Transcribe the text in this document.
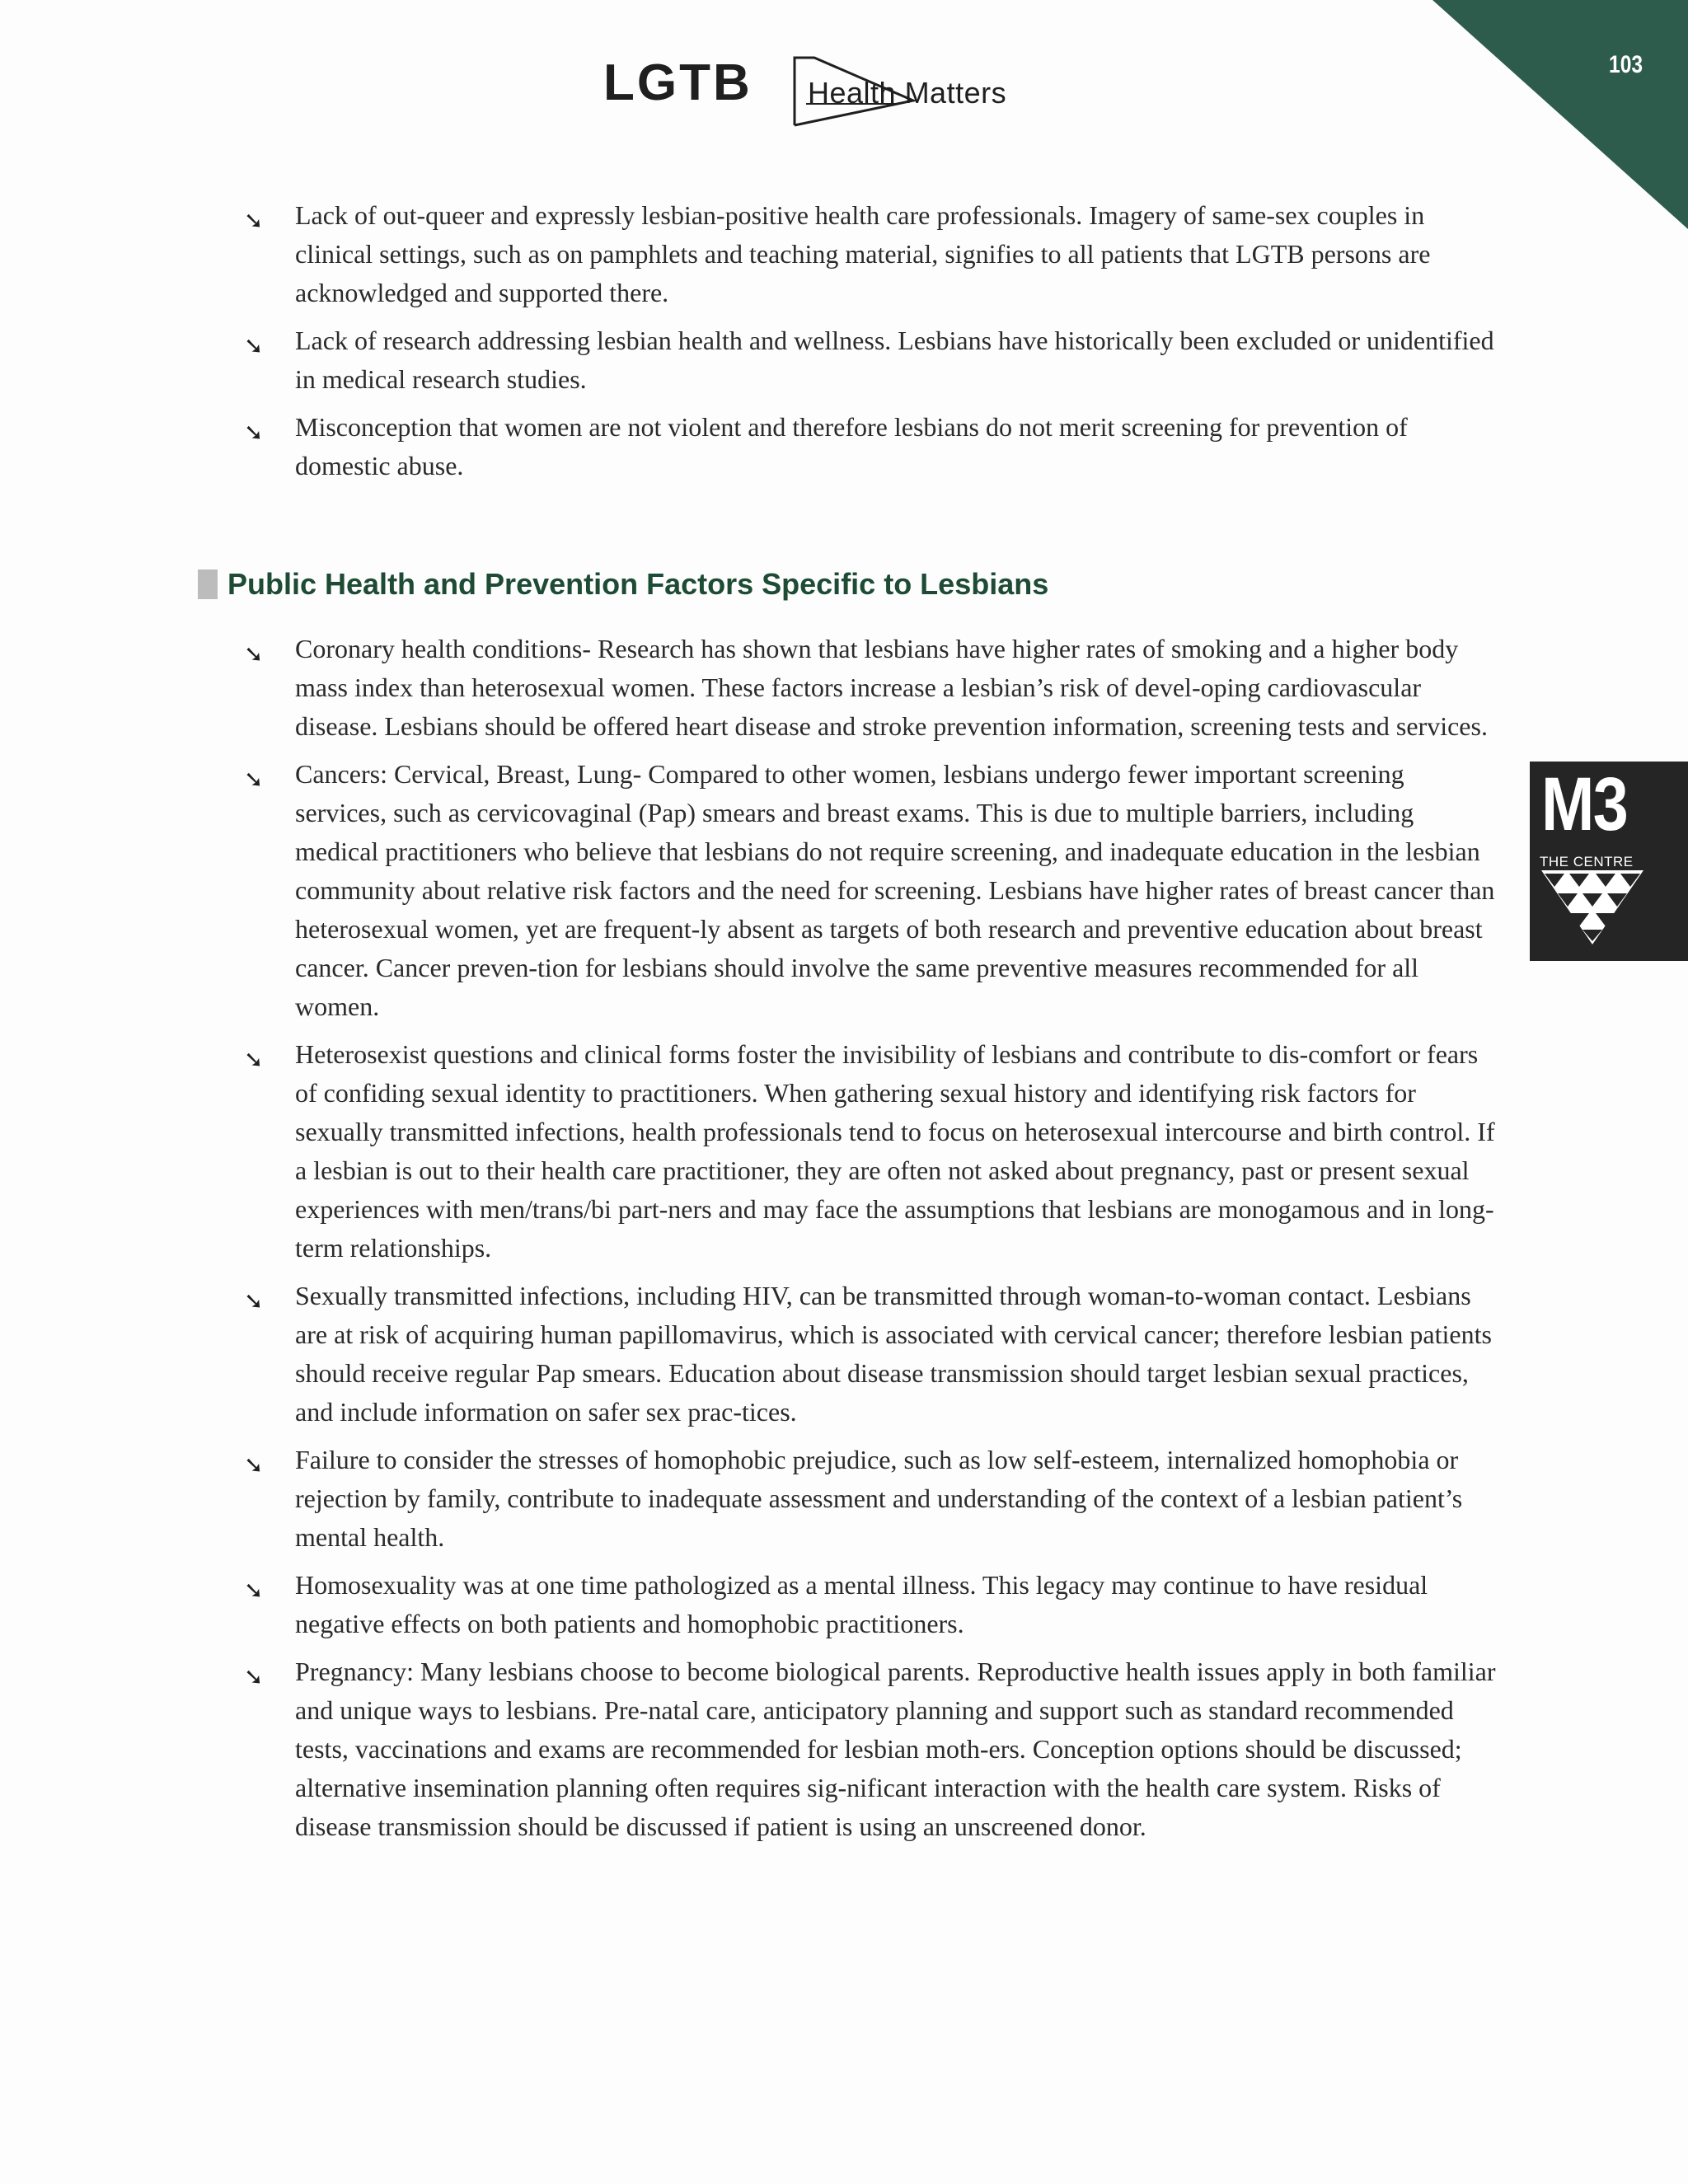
103
LGTB Health Matters
➘ Lack of out-queer and expressly lesbian-positive health care professionals. Imagery of same-sex couples in clinical settings, such as on pamphlets and teaching material, signifies to all patients that LGTB persons are acknowledged and supported there.
➘ Lack of research addressing lesbian health and wellness. Lesbians have historically been excluded or unidentified in medical research studies.
➘ Misconception that women are not violent and therefore lesbians do not merit screening for prevention of domestic abuse.
Public Health and Prevention Factors Specific to Lesbians
➘ Coronary health conditions- Research has shown that lesbians have higher rates of smoking and a higher body mass index than heterosexual women. These factors increase a lesbian’s risk of devel-oping cardiovascular disease. Lesbians should be offered heart disease and stroke prevention information, screening tests and services.
➘ Cancers: Cervical, Breast, Lung- Compared to other women, lesbians undergo fewer important screening services, such as cervicovaginal (Pap) smears and breast exams. This is due to multiple barriers, including medical practitioners who believe that lesbians do not require screening, and inadequate education in the lesbian community about relative risk factors and the need for screening. Lesbians have higher rates of breast cancer than heterosexual women, yet are frequent-ly absent as targets of both research and preventive education about breast cancer. Cancer preven-tion for lesbians should involve the same preventive measures recommended for all women.
➘ Heterosexist questions and clinical forms foster the invisibility of lesbians and contribute to dis-comfort or fears of confiding sexual identity to practitioners. When gathering sexual history and identifying risk factors for sexually transmitted infections, health professionals tend to focus on heterosexual intercourse and birth control. If a lesbian is out to their health care practitioner, they are often not asked about pregnancy, past or present sexual experiences with men/trans/bi part-ners and may face the assumptions that lesbians are monogamous and in long-term relationships.
➘ Sexually transmitted infections, including HIV, can be transmitted through woman-to-woman contact. Lesbians are at risk of acquiring human papillomavirus, which is associated with cervical cancer; therefore lesbian patients should receive regular Pap smears. Education about disease transmission should target lesbian sexual practices, and include information on safer sex prac-tices.
➘ Failure to consider the stresses of homophobic prejudice, such as low self-esteem, internalized homophobia or rejection by family, contribute to inadequate assessment and understanding of the context of a lesbian patient’s mental health.
➘ Homosexuality was at one time pathologized as a mental illness. This legacy may continue to have residual negative effects on both patients and homophobic practitioners.
➘ Pregnancy: Many lesbians choose to become biological parents. Reproductive health issues apply in both familiar and unique ways to lesbians. Pre-natal care, anticipatory planning and support such as standard recommended tests, vaccinations and exams are recommended for lesbian moth-ers. Conception options should be discussed; alternative insemination planning often requires sig-nificant interaction with the health care system. Risks of disease transmission should be discussed if patient is using an unscreened donor.
M3
THE CENTRE
